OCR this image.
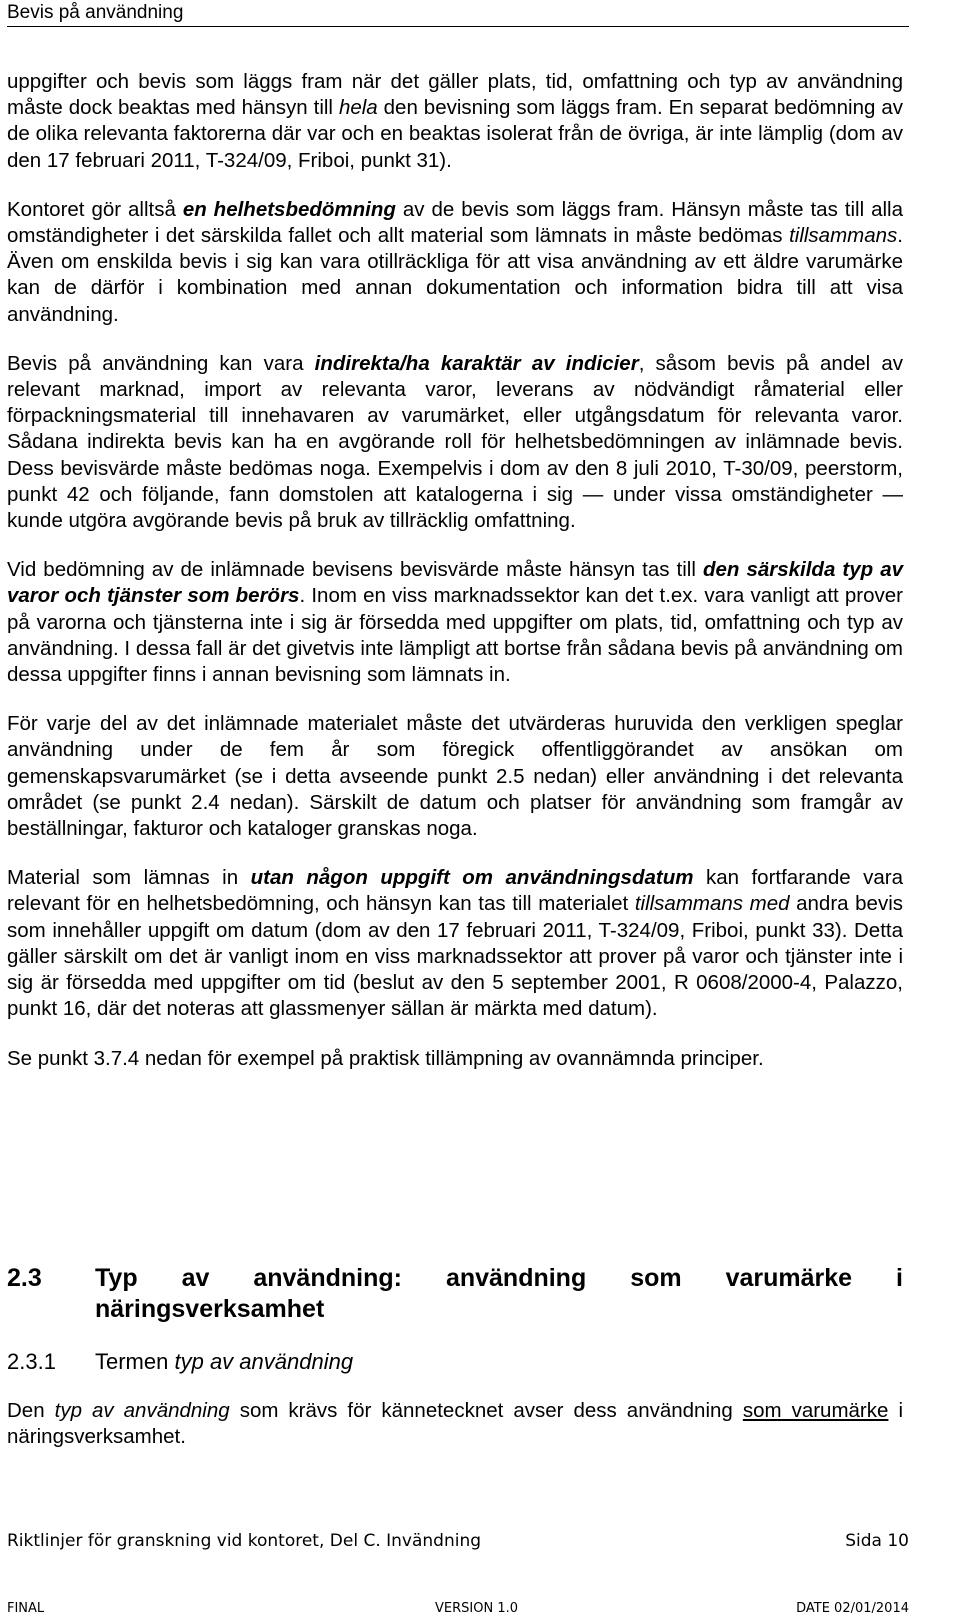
Bevis på användning

uppgifter och bevis som läggs fram när det gäller plats, tid, omfattning och typ av användning måste dock beaktas med hänsyn till hela den bevisning som läggs fram. En separat bedömning av de olika relevanta faktorerna där var och en beaktas isolerat från de övriga, är inte lämplig (dom av den 17 februari 2011, T-324/09, Friboi, punkt 31).

Kontoret gör alltså en helhetsbedömning av de bevis som läggs fram. Hänsyn måste tas till alla omständigheter i det särskilda fallet och allt material som lämnats in måste bedömas tillsammans. Även om enskilda bevis i sig kan vara otillräckliga för att visa användning av ett äldre varumärke kan de därför i kombination med annan dokumentation och information bidra till att visa användning.

Bevis på användning kan vara indirekta/ha karaktär av indicier, såsom bevis på andel av relevant marknad, import av relevanta varor, leverans av nödvändigt råmaterial eller förpackningsmaterial till innehavaren av varumärket, eller utgångsdatum för relevanta varor. Sådana indirekta bevis kan ha en avgörande roll för helhetsbedömningen av inlämnade bevis. Dess bevisvärde måste bedömas noga. Exempelvis i dom av den 8 juli 2010, T-30/09, peerstorm, punkt 42 och följande, fann domstolen att katalogerna i sig — under vissa omständigheter — kunde utgöra avgörande bevis på bruk av tillräcklig omfattning.

Vid bedömning av de inlämnade bevisens bevisvärde måste hänsyn tas till den särskilda typ av varor och tjänster som berörs. Inom en viss marknadssektor kan det t.ex. vara vanligt att prover på varorna och tjänsterna inte i sig är försedda med uppgifter om plats, tid, omfattning och typ av användning. I dessa fall är det givetvis inte lämpligt att bortse från sådana bevis på användning om dessa uppgifter finns i annan bevisning som lämnats in.

För varje del av det inlämnade materialet måste det utvärderas huruvida den verkligen speglar användning under de fem år som föregick offentliggörandet av ansökan om gemenskapsvarumärket (se i detta avseende punkt 2.5 nedan) eller användning i det relevanta området (se punkt 2.4 nedan). Särskilt de datum och platser för användning som framgår av beställningar, fakturor och kataloger granskas noga.

Material som lämnas in utan någon uppgift om användningsdatum kan fortfarande vara relevant för en helhetsbedömning, och hänsyn kan tas till materialet tillsammans med andra bevis som innehåller uppgift om datum (dom av den 17 februari 2011, T-324/09, Friboi, punkt 33). Detta gäller särskilt om det är vanligt inom en viss marknadssektor att prover på varor och tjänster inte i sig är försedda med uppgifter om tid (beslut av den 5 september 2001, R 0608/2000-4, Palazzo, punkt 16, där det noteras att glassmenyer sällan är märkta med datum).

Se punkt 3.7.4 nedan för exempel på praktisk tillämpning av ovannämnda principer.

2.3 Typ av användning: användning som varumärke i
näringsverksamhet
2.3.1 Termen typ av användning

Den typ av användning som krävs för kännetecknet avser dess användning som varumärke i näringsverksamhet.

Riktlinjer för granskning vid kontoret, Del C. Invändning	Sida 10
FINAL	VERSION 1.0	DATE 02/01/2014
